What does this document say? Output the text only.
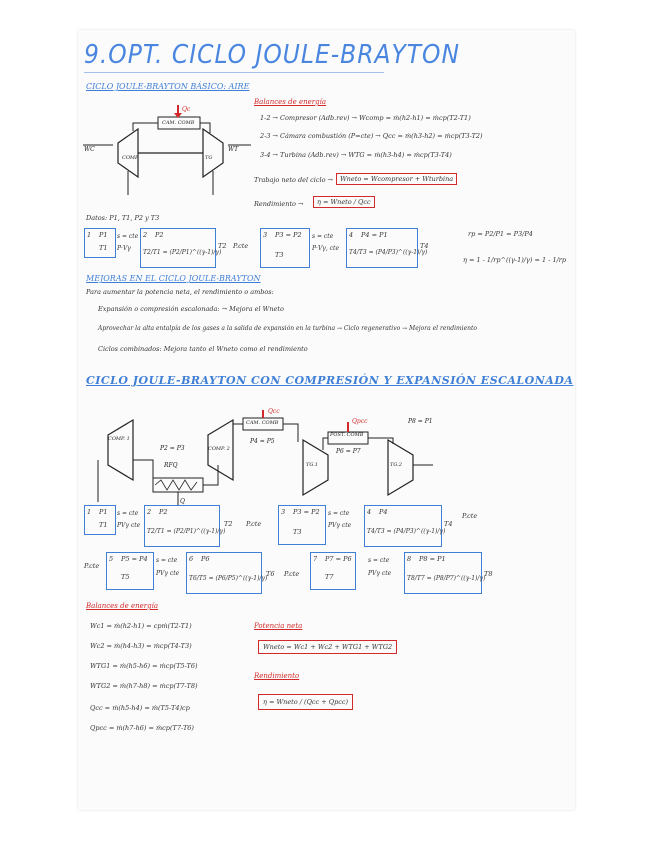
9.OPT. CICLO JOULE-BRAYTON
CICLO JOULE-BRAYTON BÁSICO: AIRE
CAM. COMB
COMP	TG
Qc
WC	WT
Balances de energía
1-2 → Compresor (Adb.rev) → Wcomp = ṁ(h2-h1) = ṁcp(T2-T1)
2-3 → Cámara combustión (P=cte) → Qcc = ṁ(h3-h2) = ṁcp(T3-T2)
3-4 → Turbina (Adb.rev) → WTG = ṁ(h3-h4) = ṁcp(T3-T4)
Trabajo neto del ciclo →	Wneto = Wcompresor + Wturbina
Rendimiento →	η = Wneto / Qcc
Datos: P1, T1, P2 y T3
rp = P2/P1 = P3/P4
η = 1 - 1/rp^((γ-1)/γ) = 1 - 1/rp
1 P1
T1
s = cte
P·Vγ
2 P2
T2/T1 = (P2/P1)^((γ-1)/γ)
T2 P.cte
3 P3 = P2
T3
s = cte
P·Vγ, cte
4 P4 = P1
T4/T3 = (P4/P3)^((γ-1)/γ)
T4
MEJORAS EN EL CICLO JOULE-BRAYTON
Para aumentar la potencia neta, el rendimiento o ambos:
Expansión o compresión escalonada: → Mejora el Wneto
Aprovechar la alta entalpía de los gases a la salida de expansión en la turbina → Ciclo regenerativo → Mejora el rendimiento
Ciclos combinados: Mejora tanto el Wneto como el rendimiento
CICLO JOULE-BRAYTON CON COMPRESIÓN Y EXPANSIÓN ESCALONADA
COMP. 1
COMP. 2
CAM. COMB
POST. COMB
TG.1	TG.2
Qcc
Qpcc
Q
P2 = P3
P4 = P5
P6 = P7
P8 = P1
RFQ
1 P1
T1
s = cte
PVγ cte
2 P2
T2/T1 = (P2/P1)^((γ-1)/γ)
T2 P.cte
3 P3 = P2
T3
s = cte
PVγ cte
4 P4
T4/T3 = (P4/P3)^((γ-1)/γ)
T4
P.cte
P.cte
5 P5 = P4
T5
s = cte
PVγ cte
6 P6
T6/T5 = (P6/P5)^((γ-1)/γ)
T6 P.cte
7 P7 = P6
T7
s = cte
PVγ cte
8 P8 = P1
T8/T7 = (P8/P7)^((γ-1)/γ)
T8
Balances de energía
Wc1 = ṁ(h2-h1) = cpṁ(T2-T1)
Wc2 = ṁ(h4-h3) = ṁcp(T4-T3)
WTG1 = ṁ(h5-h6) = ṁcp(T5-T6)
WTG2 = ṁ(h7-h8) = ṁcp(T7-T8)
Qcc = ṁ(h5-h4) = ṁ(T5-T4)cp
Qpcc = ṁ(h7-h6) = ṁcp(T7-T6)
Potencia neta
Wneto = Wc1 + Wc2 + WTG1 + WTG2
Rendimiento
η = Wneto / (Qcc + Qpcc)
